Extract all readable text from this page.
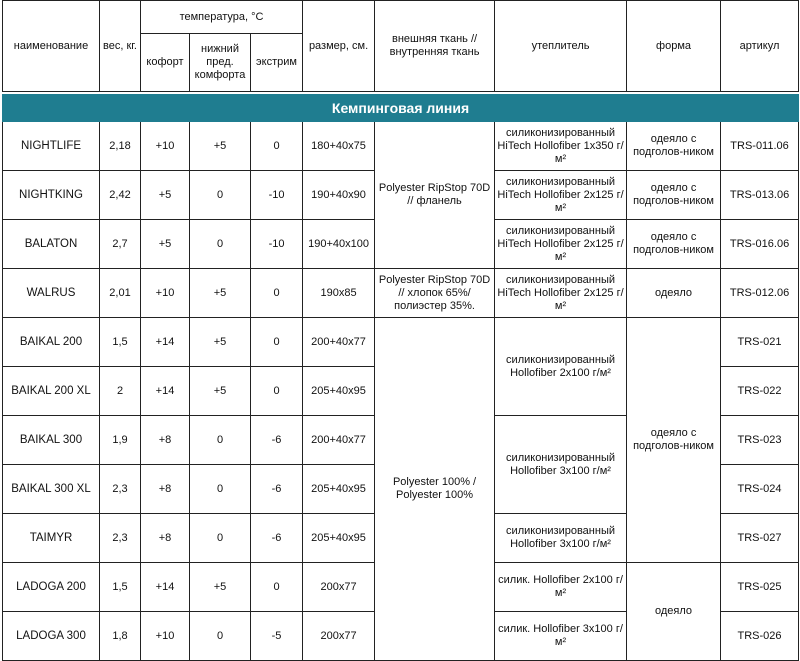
наименование	вес, кг.	температура, °С			размер, см.	внешняя ткань // внутренняя ткань	утеплитель	форма	артикул
		кофорт	нижний пред. комфорта	экстрим					

Кемпинговая линия									
NIGHTLIFE	2,18	+10	+5	0	180+40x75	Polyester RipStop 70D // фланель	силиконизированный HiTech Hollofiber 1х350 г/м²	одеяло с подголов-ником	TRS-011.06
NIGHTKING	2,42	+5	0	-10	190+40x90		силиконизированный HiTech Hollofiber 2х125 г/м²	одеяло с подголов-ником	TRS-013.06
BALATON	2,7	+5	0	-10	190+40x100		силиконизированный HiTech Hollofiber 2х125 г/м²	одеяло с подголов-ником	TRS-016.06
WALRUS	2,01	+10	+5	0	190x85	Polyester RipStop 70D // хлопок 65%/ полиэстер 35%.	силиконизированный HiTech Hollofiber 2х125 г/м²	одеяло	TRS-012.06
BAIKAL 200	1,5	+14	+5	0	200+40x77	Polyester 100% / Polyester 100%	силиконизированный Hollofiber 2х100 г/м²	одеяло с подголов-ником	TRS-021
BAIKAL 200 XL	2	+14	+5	0	205+40x95				TRS-022
BAIKAL 300	1,9	+8	0	-6	200+40x77		силиконизированный Hollofiber 3х100 г/м²		TRS-023
BAIKAL 300 XL	2,3	+8	0	-6	205+40x95				TRS-024
TAIMYR	2,3	+8	0	-6	205+40x95		силиконизированный Hollofiber 3х100 г/м²		TRS-027
LADOGA 200	1,5	+14	+5	0	200x77		силик. Hollofiber 2х100 г/м²	одеяло	TRS-025
LADOGA 300	1,8	+10	0	-5	200x77		силик. Hollofiber 3х100 г/м²		TRS-026
